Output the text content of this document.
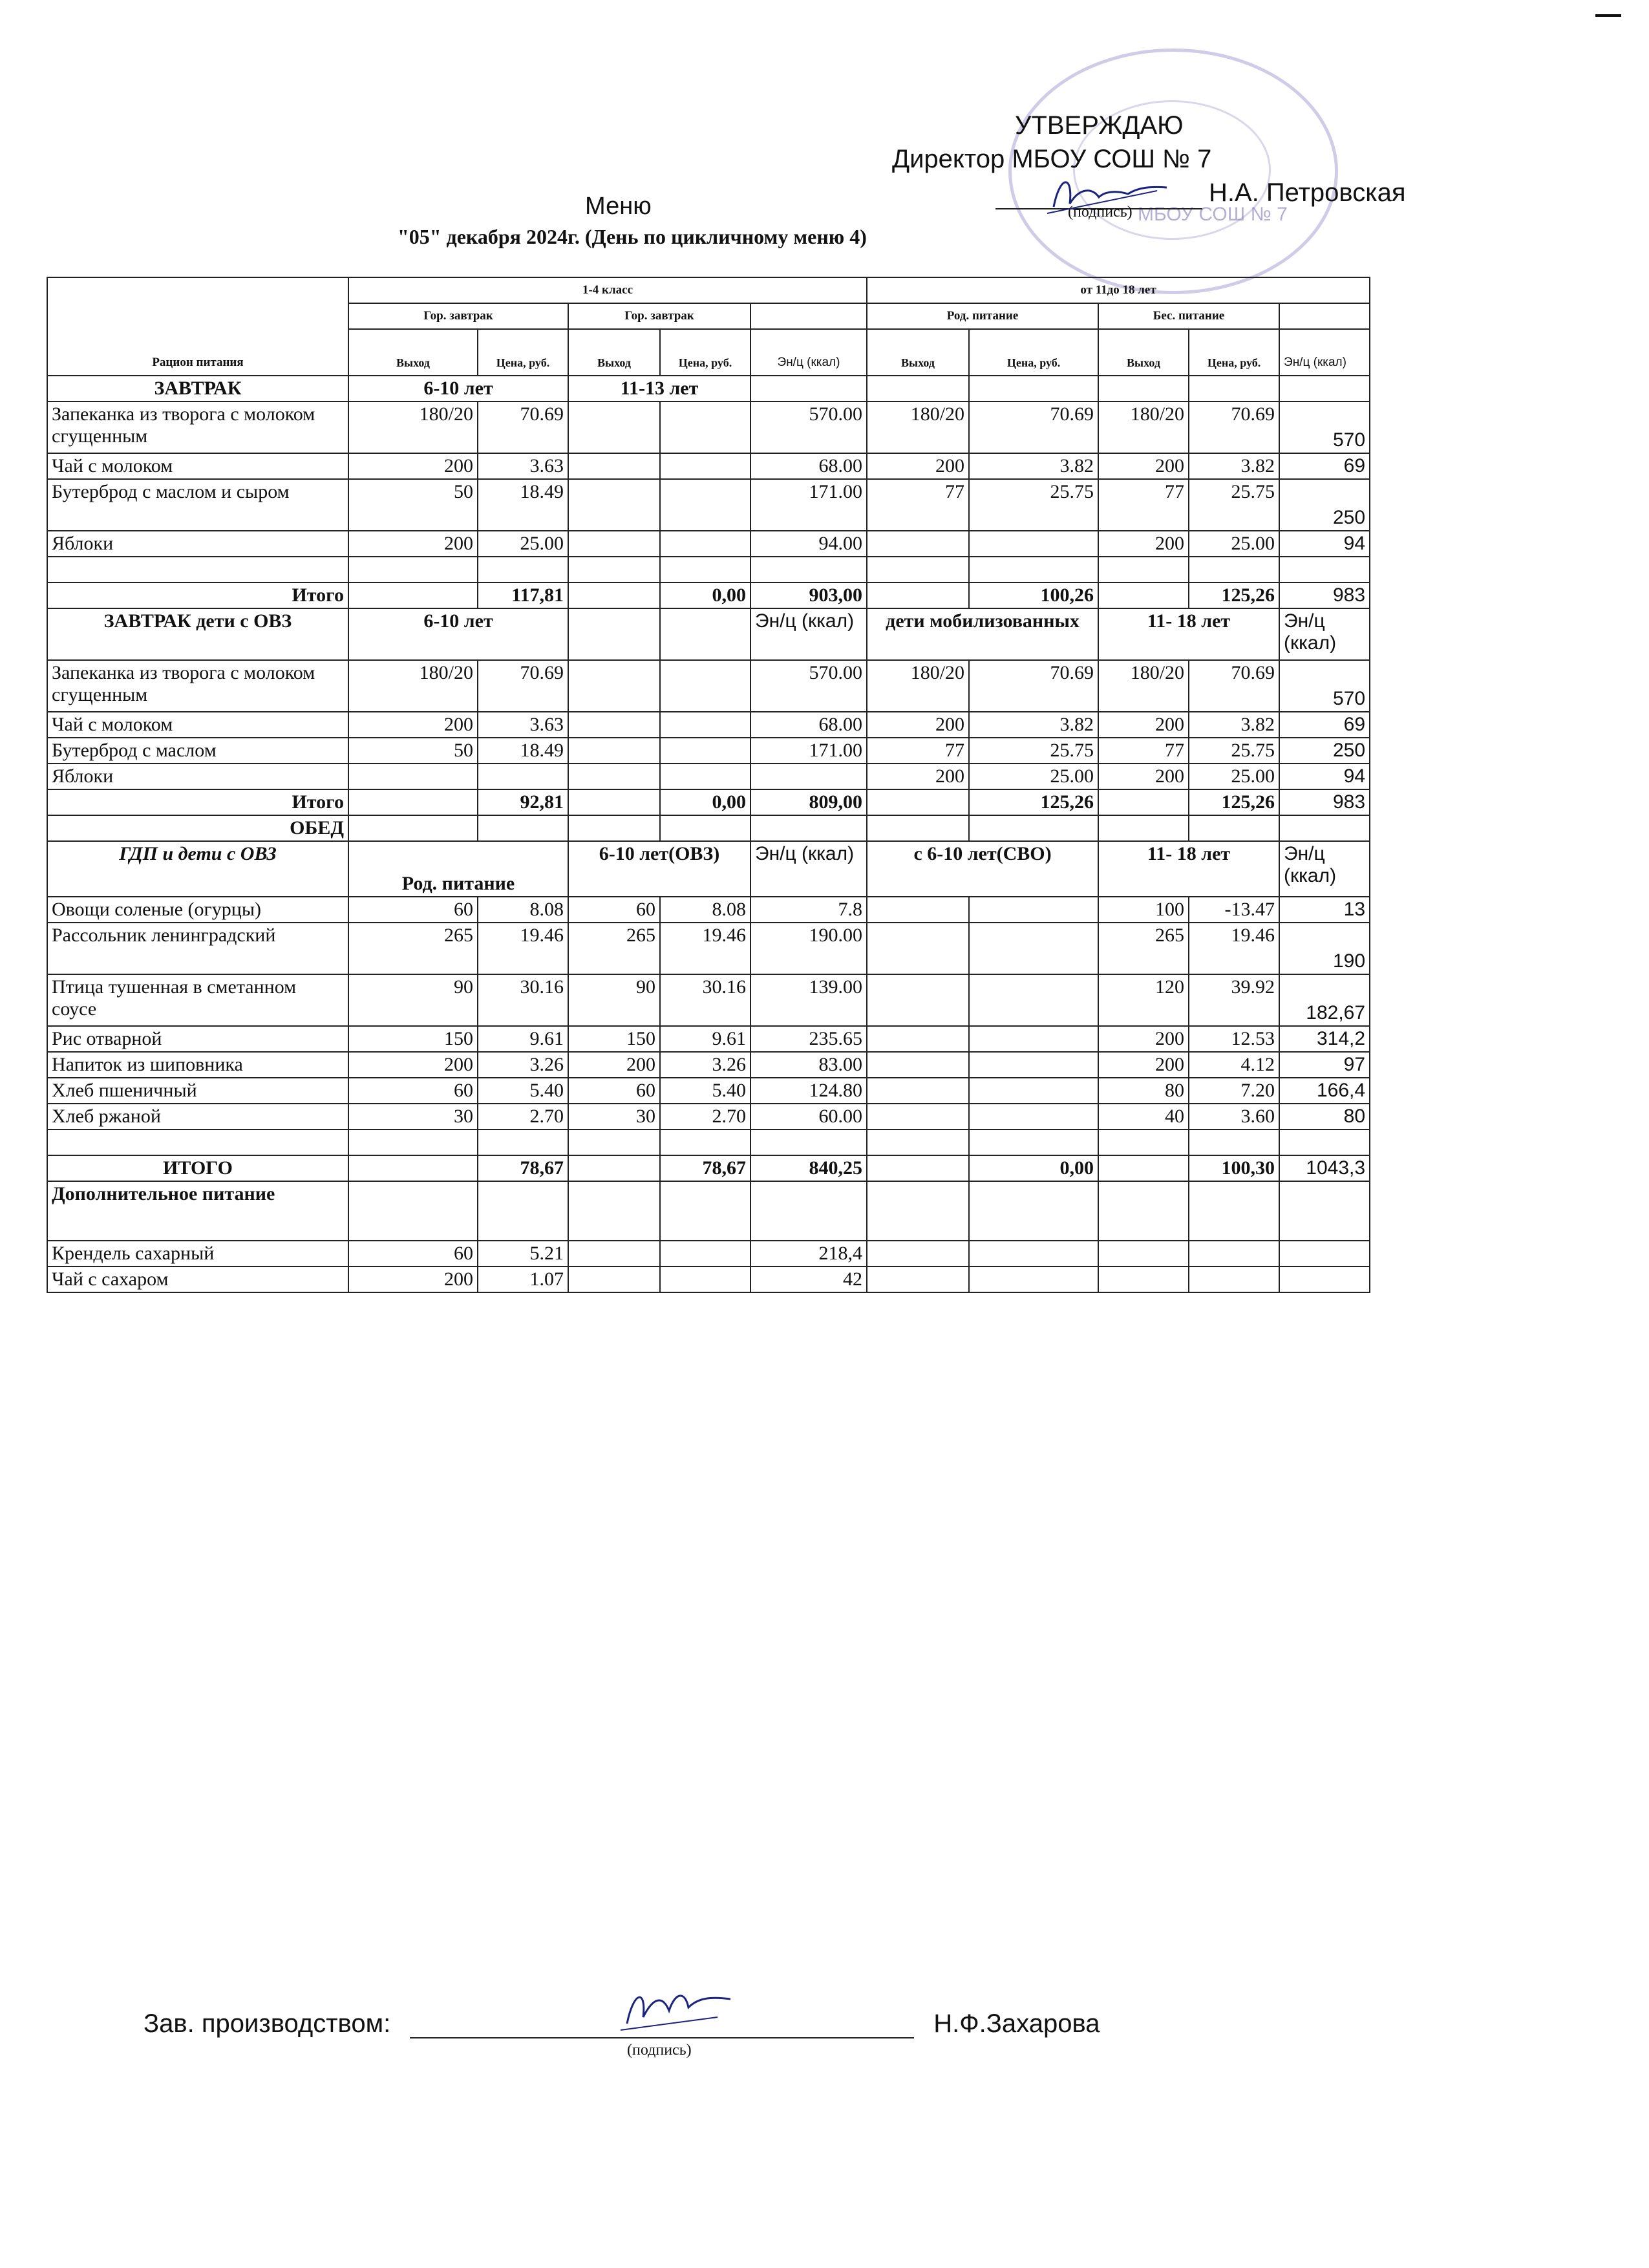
МБОУ СОШ № 7
УТВЕРЖДАЮ
Директор МБОУ СОШ № 7
Н.А. Петровская
(подпись)
Меню
"05" декабря 2024г. (День по цикличному меню 4)
Рацион питания	1-4 класс					от 11до 18 лет				
	Гор. завтрак		Гор. завтрак			Род. питание		Бес. питание		
	Выход	Цена, руб.	Выход	Цена, руб.	Эн/ц (ккал)	Выход	Цена, руб.	Выход	Цена, руб.	Эн/ц (ккал)
ЗАВТРАК	6-10 лет		11-13 лет							
Запеканка из творога с молоком сгущенным	180/20	70.69			570.00	180/20	70.69	180/20	70.69	570
Чай с молоком	200	3.63			68.00	200	3.82	200	3.82	69
Бутерброд с маслом и сыром	50	18.49			171.00	77	25.75	77	25.75	250
Яблоки	200	25.00			94.00			200	25.00	94

Итого		117,81		0,00	903,00		100,26		125,26	983
ЗАВТРАК дети с ОВЗ	6-10 лет				Эн/ц (ккал)	дети мобилизованных		11- 18 лет		Эн/ц (ккал)
Запеканка из творога с молоком сгущенным	180/20	70.69			570.00	180/20	70.69	180/20	70.69	570
Чай с молоком	200	3.63			68.00	200	3.82	200	3.82	69
Бутерброд с маслом	50	18.49			171.00	77	25.75	77	25.75	250
Яблоки						200	25.00	200	25.00	94
Итого		92,81		0,00	809,00		125,26		125,26	983
ОБЕД										
ГДП и дети с ОВЗ	Род. питание		6-10 лет(ОВЗ)		Эн/ц (ккал)	с 6-10 лет(СВО)		11- 18 лет		Эн/ц (ккал)
Овощи соленые (огурцы)	60	8.08	60	8.08	7.8			100	-13.47	13
Рассольник ленинградский	265	19.46	265	19.46	190.00			265	19.46	190
Птица тушенная в сметанном соусе	90	30.16	90	30.16	139.00			120	39.92	182,67
Рис отварной	150	9.61	150	9.61	235.65			200	12.53	314,2
Напиток из шиповника	200	3.26	200	3.26	83.00			200	4.12	97
Хлеб пшеничный	60	5.40	60	5.40	124.80			80	7.20	166,4
Хлеб ржаной	30	2.70	30	2.70	60.00			40	3.60	80

ИТОГО		78,67		78,67	840,25		0,00		100,30	1043,3
Дополнительное питание										
Крендель сахарный	60	5.21			218,4					
Чай с сахаром	200	1.07			42					
Зав. производством:	Н.Ф.Захарова
(подпись)
